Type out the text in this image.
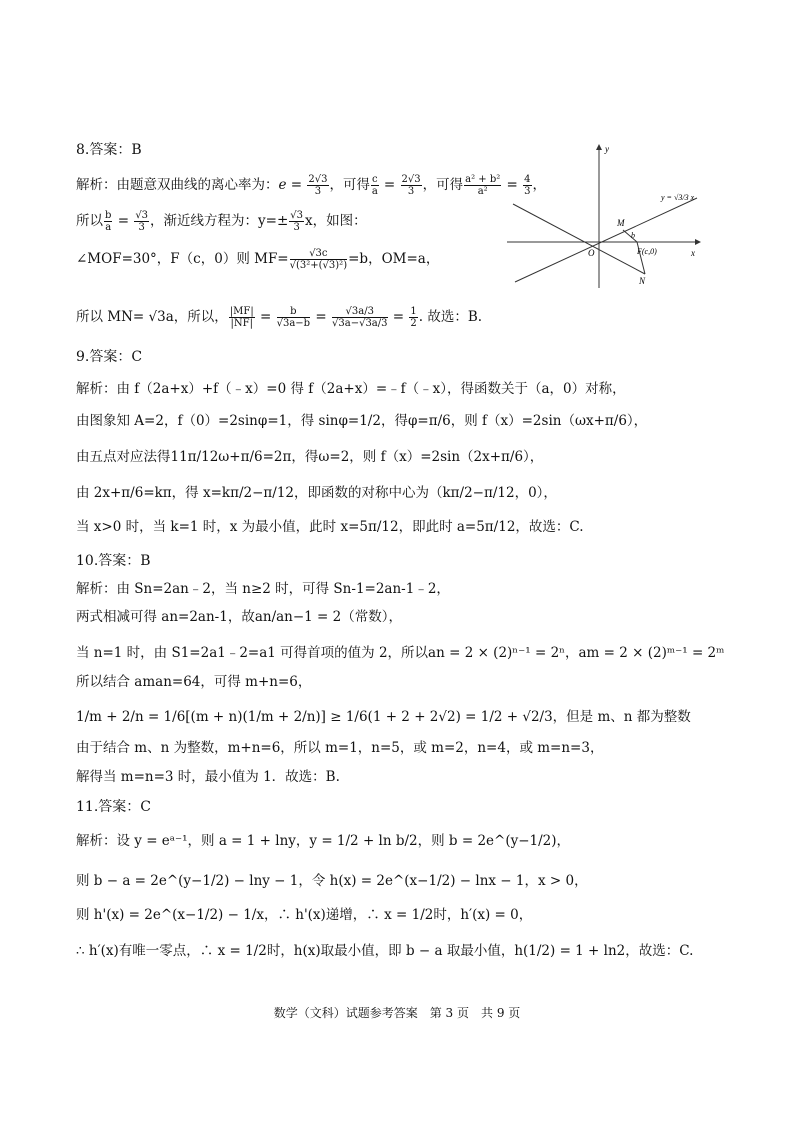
8.答案：B
解析：由题意双曲线的离心率为：$e = \frac{2√3}{3}$ ，可得 $\frac{c}{a} = \frac{2√3}{3}$ ，可得 $\frac{\text{a² + b²}}{\text{a²}} = \frac{4}{3}$ ，
所以 $\frac{b}{a} = \frac{√3}{3}$ ，渐近线方程为：$y=\pm \frac{√3}{3}$ x，如图：
∠MOF=30°，F（c，0）则 $MF= \frac{√3c}{\text{√(3²+(√3)²)}} =b$，OM=a，
所以 MN= √3a，所以， $\frac{|MF|}{|NF|} = \frac{b}{√3a-b} = \frac{√3a/3}{√3a-√3a/3} = \frac{1}{2}$ . 故选：B.
y
x
O
y = √3/3 x
M
N
b
F(c,0)
9.答案：C
解析：由 f（2a+x）+f（﹣x）=0 得 f（2a+x）=﹣f（﹣x），得函数关于（a，0）对称，
由图象知 A=2，f（0）=2sinφ=1，得 sinφ=1/2，得φ=π/6，则 f（x）=2sin（ωx+π/6），
由五点对应法得11π/12ω+π/6=2π，得ω=2，则 f（x）=2sin（2x+π/6），
由 2x+π/6=kπ，得 x=kπ/2−π/12，即函数的对称中心为（kπ/2−π/12，0），
当 x>0 时，当 k=1 时，x 为最小值，此时 x=5π/12，即此时 a=5π/12，故选：C.
10.答案：B
解析：由 Sn=2an﹣2，当 n≥2 时，可得 Sn-1=2an-1﹣2，
两式相减可得 an=2an-1，故an/an−1 = 2（常数），
当 n=1 时，由 S1=2a1﹣2=a1 可得首项的值为 2，所以an = 2 × (2)ⁿ⁻¹ = 2ⁿ，am = 2 × (2)ᵐ⁻¹ = 2ᵐ
所以结合 aman=64，可得 m+n=6，
1/m + 2/n = 1/6[(m + n)(1/m + 2/n)] ≥ 1/6(1 + 2 + 2√2) = 1/2 + √2/3，但是 m、n 都为整数
由于结合 m、n 为整数，m+n=6，所以 m=1，n=5，或 m=2，n=4，或 m=n=3，
解得当 m=n=3 时，最小值为 1．故选：B.
11.答案：C
解析：设 y = eᵃ⁻¹，则 a = 1 + lny，y = 1/2 + ln b/2，则 b = 2e^(y−1/2)，
则 b − a = 2e^(y−1/2) − lny − 1，令 h(x) = 2e^(x−1/2) − lnx − 1，x > 0，
则 h'(x) = 2e^(x−1/2) − 1/x，∴ h'(x)递增，∴ x = 1/2时，h′(x) = 0，
∴ h′(x)有唯一零点，∴ x = 1/2时，h(x)取最小值，即 b − a 取最小值，h(1/2) = 1 + ln2，故选：C.
数学（文科）试题参考答案　第 3 页　共 9 页
